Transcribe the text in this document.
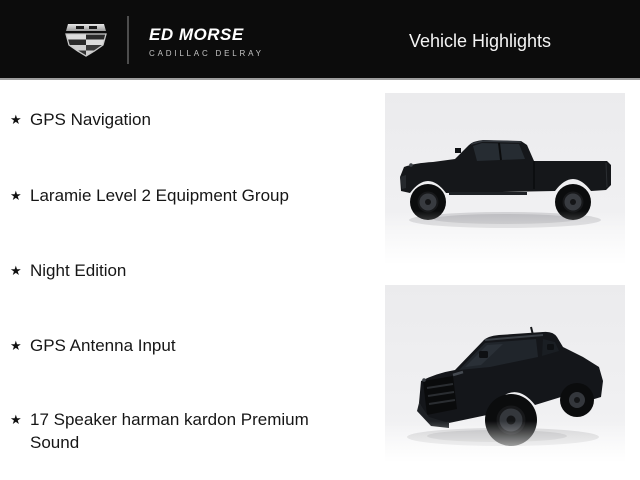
ED MORSE
CADILLAC DELRAY
Vehicle Highlights
★ GPS Navigation
★ Laramie Level 2 Equipment Group
★ Night Edition
★ GPS Antenna Input
★ 17 Speaker harman kardon Premium Sound
